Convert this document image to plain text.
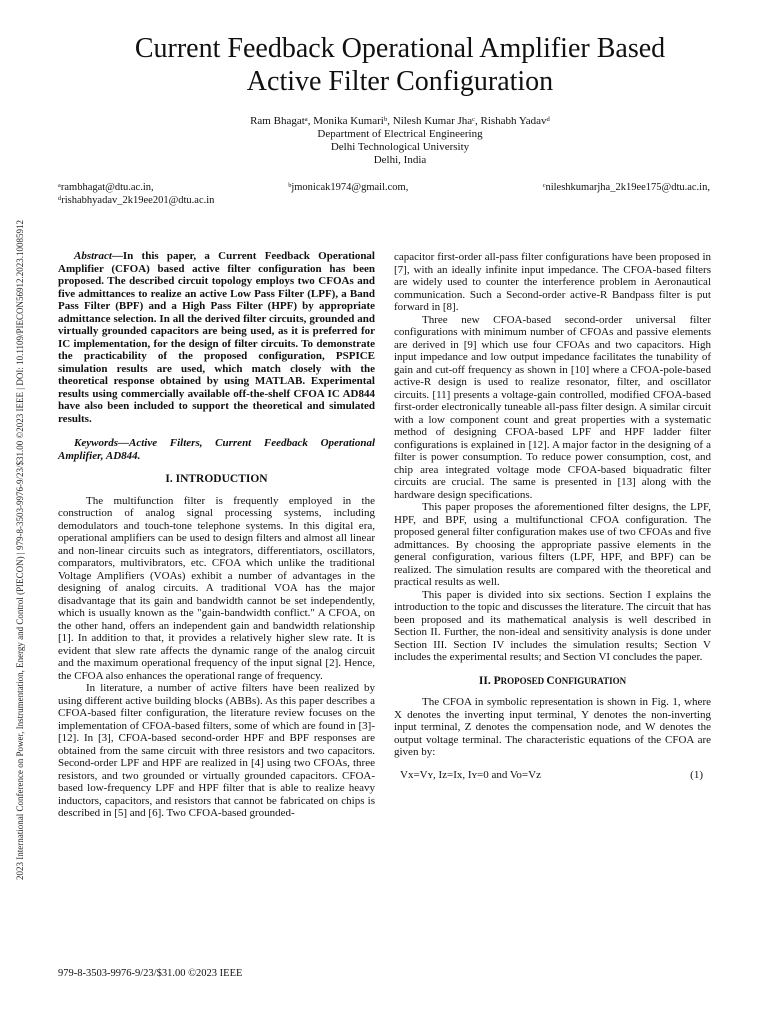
2023 International Conference on Power, Instrumentation, Energy and Control (PIECON) | 979-8-3503-9976-9/23/$31.00 ©2023 IEEE | DOI: 10.1109/PIECON56912.2023.10085912
Current Feedback Operational Amplifier Based
Active Filter Configuration
Ram Bhagatᵃ, Monika Kumariᵇ, Nilesh Kumar Jhaᶜ, Rishabh Yadavᵈ
Department of Electrical Engineering
Delhi Technological University
Delhi, India
ᵃrambhagat@dtu.ac.in,	ᵇjmonicak1974@gmail.com,	ᶜnileshkumarjha_2k19ee175@dtu.ac.in,
ᵈrishabhyadav_2k19ee201@dtu.ac.in

Abstract—In this paper, a Current Feedback Operational Amplifier (CFOA) based active filter configuration has been proposed. The described circuit topology employs two CFOAs and five admittances to realize an active Low Pass Filter (LPF), a Band Pass Filter (BPF) and a High Pass Filter (HPF) by appropriate admittance selection. In all the derived filter circuits, grounded and virtually grounded capacitors are being used, as it is preferred for IC implementation, for the design of filter circuits. To demonstrate the practicability of the proposed configuration, PSPICE simulation results are used, which match closely with the theoretical response obtained by using MATLAB. Experimental results using commercially available off-the-shelf CFOA IC AD844 have also been included to support the theoretical and simulated results.

Keywords—Active Filters, Current Feedback Operational Amplifier, AD844.

I. INTRODUCTION

The multifunction filter is frequently employed in the construction of analog signal processing systems, including demodulators and touch-tone telephone systems. In this digital era, operational amplifiers can be used to design filters and almost all linear and non-linear circuits such as integrators, differentiators, oscillators, comparators, multivibrators, etc. CFOA which unlike the traditional Voltage Amplifiers (VOAs) exhibit a number of advantages in the designing of analog circuits. A traditional VOA has the major disadvantage that its gain and bandwidth cannot be set independently, which is usually known as the "gain-bandwidth conflict." A CFOA, on the other hand, offers an independent gain and bandwidth relationship [1]. In addition to that, it provides a relatively higher slew rate. It is evident that slew rate affects the dynamic range of the analog circuit and the maximum operational frequency of the input signal [2]. Hence, the CFOA also enhances the operational range of frequency.

In literature, a number of active filters have been realized by using different active building blocks (ABBs). As this paper describes a CFOA-based filter configuration, the literature review focuses on the implementation of CFOA-based filters, some of which are found in [3]-[12]. In [3], CFOA-based second-order HPF and BPF responses are obtained from the same circuit with three resistors and two capacitors. Second-order LPF and HPF are realized in [4] using two CFOAs, three resistors, and two grounded or virtually grounded capacitors. CFOA-based low-frequency LPF and HPF filter that is able to realize heavy inductors, capacitors, and resistors that cannot be fabricated on chips is described in [5] and [6]. Two CFOA-based grounded-

capacitor first-order all-pass filter configurations have been proposed in [7], with an ideally infinite input impedance. The CFOA-based filters are widely used to counter the interference problem in Aeronautical communication. Such a Second-order active-R Bandpass filter is put forward in [8].

Three new CFOA-based second-order universal filter configurations with minimum number of CFOAs and passive elements are derived in [9] which use four CFOAs and two capacitors. High input impedance and low output impedance facilitates the tunability of gain and cut-off frequency as shown in [10] where a CFOA-pole-based active-R design is used to realize resonator, filter, and oscillator circuits. [11] presents a voltage-gain controlled, modified CFOA-based first-order electronically tuneable all-pass filter design. A similar circuit with a low component count and great properties with a systematic method of designing CFOA-based LPF and HPF ladder filter configurations is explained in [12]. A major factor in the designing of a filter is power consumption. To reduce power consumption, cost, and chip area integrated voltage mode CFOA-based biquadratic filter circuits are crucial. The same is presented in [13] along with the hardware design specifications.

This paper proposes the aforementioned filter designs, the LPF, HPF, and BPF, using a multifunctional CFOA configuration. The proposed general filter configuration makes use of two CFOAs and five admittances. By choosing the appropriate passive elements in the general configuration, various filters (LPF, HPF, and BPF) can be realized. The simulation results are compared with the theoretical and practical results as well.

This paper is divided into six sections. Section I explains the introduction to the topic and discusses the literature. The circuit that has been proposed and its mathematical analysis is well described in Section II. Further, the non-ideal and sensitivity analysis is done under Section III. Section IV includes the simulation results; Section V includes the experimental results; and Section VI concludes the paper.

II. PROPOSED CONFIGURATION

The CFOA in symbolic representation is shown in Fig. 1, where X denotes the inverting input terminal, Y denotes the non-inverting input terminal, Z denotes the compensation node, and W denotes the output voltage terminal. The characteristic equations of the CFOA are given by:

Vx=Vʏ, Iz=Ix, Iʏ=0 and Vo=Vz	(1)
979-8-3503-9976-9/23/$31.00 ©2023 IEEE
